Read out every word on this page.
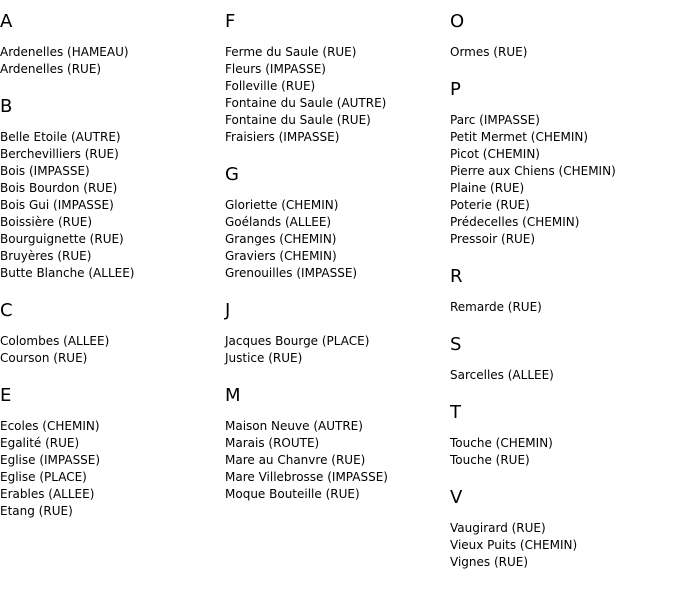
A
Ardenelles (HAMEAU)
Ardenelles (RUE)
B
Belle Etoile (AUTRE)
Berchevilliers (RUE)
Bois (IMPASSE)
Bois Bourdon (RUE)
Bois Gui (IMPASSE)
Boissière (RUE)
Bourguignette (RUE)
Bruyères (RUE)
Butte Blanche (ALLEE)
C
Colombes (ALLEE)
Courson (RUE)
E
Ecoles (CHEMIN)
Egalité (RUE)
Eglise (IMPASSE)
Eglise (PLACE)
Erables (ALLEE)
Etang (RUE)
F
Ferme du Saule (RUE)
Fleurs (IMPASSE)
Folleville (RUE)
Fontaine du Saule (AUTRE)
Fontaine du Saule (RUE)
Fraisiers (IMPASSE)
G
Gloriette (CHEMIN)
Goélands (ALLEE)
Granges (CHEMIN)
Graviers (CHEMIN)
Grenouilles (IMPASSE)
J
Jacques Bourge (PLACE)
Justice (RUE)
M
Maison Neuve (AUTRE)
Marais (ROUTE)
Mare au Chanvre (RUE)
Mare Villebrosse (IMPASSE)
Moque Bouteille (RUE)
O
Ormes (RUE)
P
Parc (IMPASSE)
Petit Mermet (CHEMIN)
Picot (CHEMIN)
Pierre aux Chiens (CHEMIN)
Plaine (RUE)
Poterie (RUE)
Prédecelles (CHEMIN)
Pressoir (RUE)
R
Remarde (RUE)
S
Sarcelles (ALLEE)
T
Touche (CHEMIN)
Touche (RUE)
V
Vaugirard (RUE)
Vieux Puits (CHEMIN)
Vignes (RUE)
